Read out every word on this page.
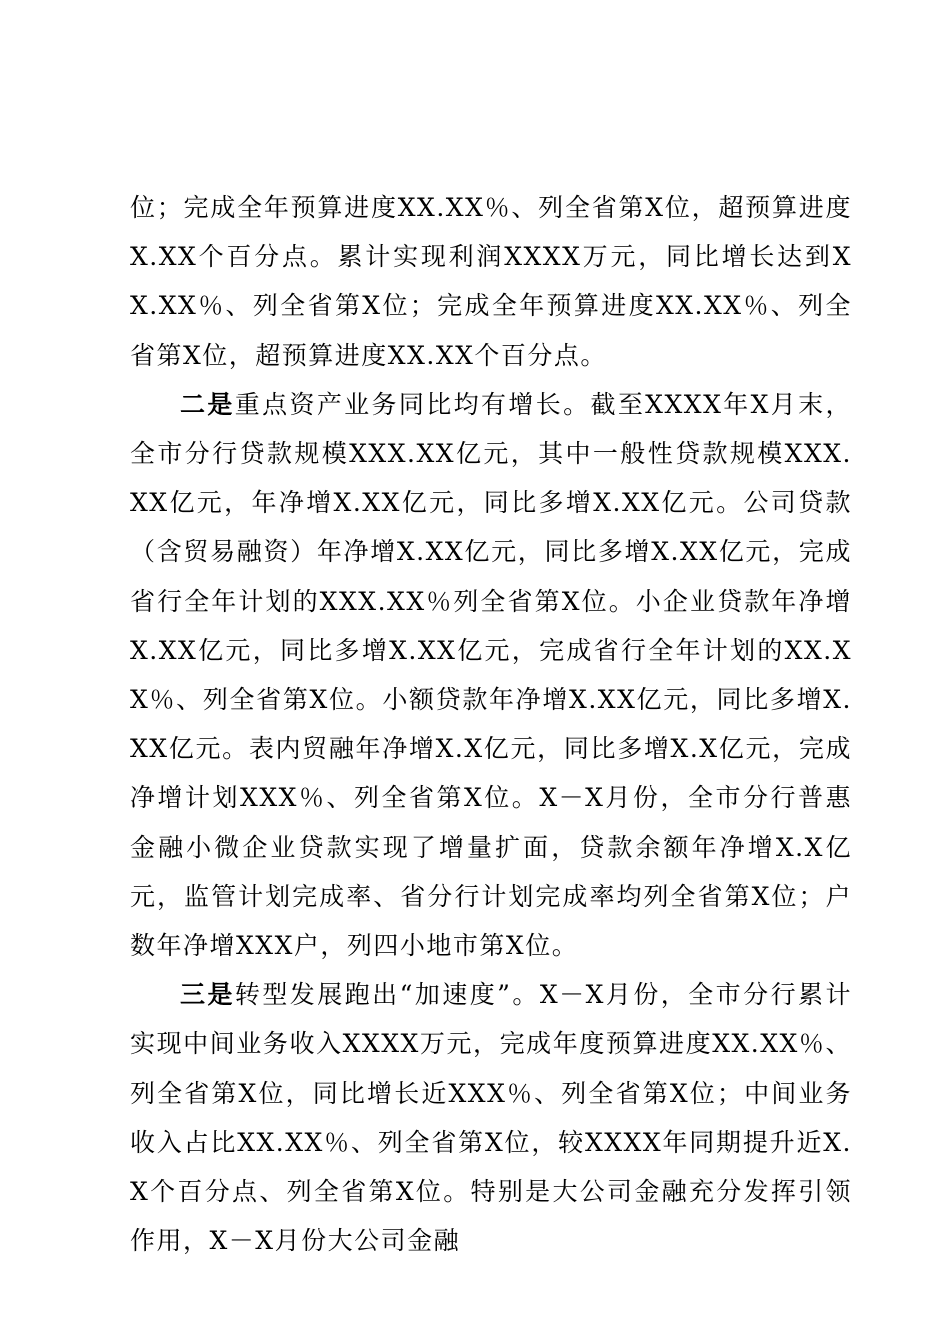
位；完成全年预算进度XX.XX％、列全省第X位，超预算进度X.XX个百分点。累计实现利润XXXX万元，同比增长达到XX.XX％、列全省第X位；完成全年预算进度XX.XX％、列全省第X位，超预算进度XX.XX个百分点。

二是重点资产业务同比均有增长。截至XXXX年X月末，全市分行贷款规模XXX.XX亿元，其中一般性贷款规模XXX.XX亿元，年净增X.XX亿元，同比多增X.XX亿元。公司贷款（含贸易融资）年净增X.XX亿元，同比多增X.XX亿元，完成省行全年计划的XXX.XX％列全省第X位。小企业贷款年净增X.XX亿元，同比多增X.XX亿元，完成省行全年计划的XX.XX％、列全省第X位。小额贷款年净增X.XX亿元，同比多增X.XX亿元。表内贸融年净增X.X亿元，同比多增X.X亿元，完成净增计划XXX％、列全省第X位。X－X月份，全市分行普惠金融小微企业贷款实现了增量扩面，贷款余额年净增X.X亿元，监管计划完成率、省分行计划完成率均列全省第X位；户数年净增XXX户，列四小地市第X位。

三是转型发展跑出“加速度”。X－X月份，全市分行累计实现中间业务收入XXXX万元，完成年度预算进度XX.XX％、列全省第X位，同比增长近XXX％、列全省第X位；中间业务收入占比XX.XX％、列全省第X位，较XXXX年同期提升近X.X个百分点、列全省第X位。特别是大公司金融充分发挥引领作用，X－X月份大公司金融
